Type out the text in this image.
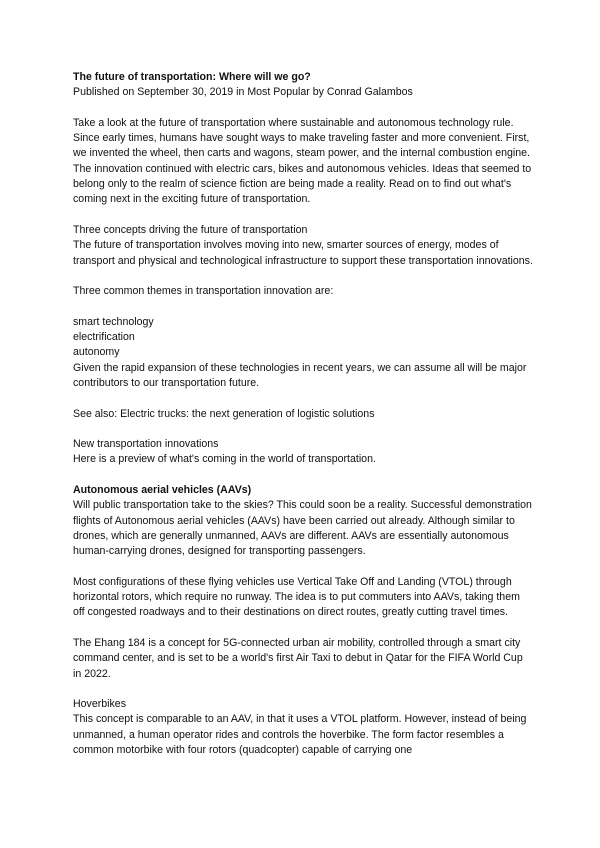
The future of transportation: Where will we go?

Published on September 30, 2019 in Most Popular by Conrad Galambos

Take a look at the future of transportation where sustainable and autonomous technology rule.

Since early times, humans have sought ways to make traveling faster and more convenient. First, we invented the wheel, then carts and wagons, steam power, and the internal combustion engine. The innovation continued with electric cars, bikes and autonomous vehicles. Ideas that seemed to belong only to the realm of science fiction are being made a reality. Read on to find out what's coming next in the exciting future of transportation.

Three concepts driving the future of transportation

The future of transportation involves moving into new, smarter sources of energy, modes of transport and physical and technological infrastructure to support these transportation innovations.

Three common themes in transportation innovation are:

smart technology

electrification

autonomy

Given the rapid expansion of these technologies in recent years, we can assume all will be major contributors to our transportation future.

See also: Electric trucks: the next generation of logistic solutions

New transportation innovations

Here is a preview of what's coming in the world of transportation.

Autonomous aerial vehicles (AAVs)

Will public transportation take to the skies? This could soon be a reality. Successful demonstration flights of Autonomous aerial vehicles (AAVs) have been carried out already. Although similar to drones, which are generally unmanned, AAVs are different. AAVs are essentially autonomous human-carrying drones, designed for transporting passengers.

Most configurations of these flying vehicles use Vertical Take Off and Landing (VTOL) through horizontal rotors, which require no runway. The idea is to put commuters into AAVs, taking them off congested roadways and to their destinations on direct routes, greatly cutting travel times.

The Ehang 184 is a concept for 5G-connected urban air mobility, controlled through a smart city command center, and is set to be a world's first Air Taxi to debut in Qatar for the FIFA World Cup in 2022.

Hoverbikes

This concept is comparable to an AAV, in that it uses a VTOL platform. However, instead of being unmanned, a human operator rides and controls the hoverbike. The form factor resembles a common motorbike with four rotors (quadcopter) capable of carrying one
